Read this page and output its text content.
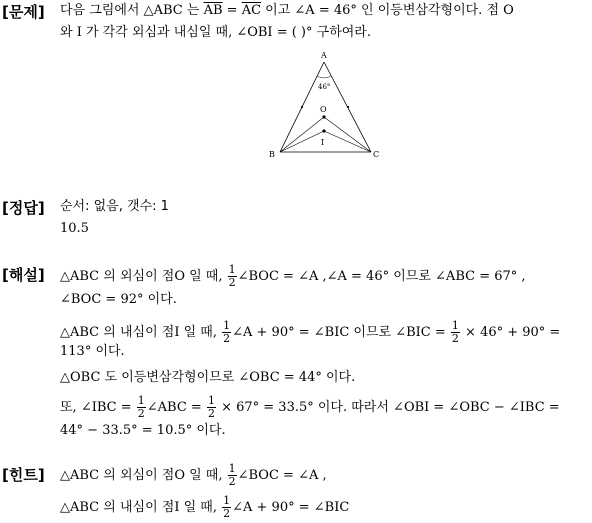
[문제] 다음 그림에서 △ABC 는 $\overline{AB} = \overline{AC}$ 이고 ∠A = 46° 인 이등변삼각형이다. 점 O
와 I 가 각각 외심과 내심일 때, ∠OBI = ( )° 구하여라.
A
B	C
O
I
46°
[정답] 순서: 없음, 갯수: 1
10.5
[해설] △ABC 의 외심이 점O 일 때, $\frac{1}{2}$ ∠BOC = ∠A ,∠A = 46° 이므로 ∠ABC = 67° ,
∠BOC = 92° 이다.
△ABC 의 내심이 점I 일 때, $\frac{1}{2}$ ∠A + 90° = ∠BIC 이므로 ∠BIC = $\frac{1}{2} \times 46^\circ + 90^\circ$ =
113° 이다.
△OBC 도 이등변삼각형이므로 ∠OBC = 44° 이다.
또, ∠IBC = $\frac{1}{2}$ ∠ABC = $\frac{1}{2} \times 67^\circ = 33.5^\circ$ 이다. 따라서 ∠OBI = ∠OBC − ∠IBC =
44° − 33.5° = 10.5° 이다.
[힌트] △ABC 의 외심이 점O 일 때, $\frac{1}{2}$ ∠BOC = ∠A ,
△ABC 의 내심이 점I 일 때, $\frac{1}{2}$ ∠A + 90° = ∠BIC
